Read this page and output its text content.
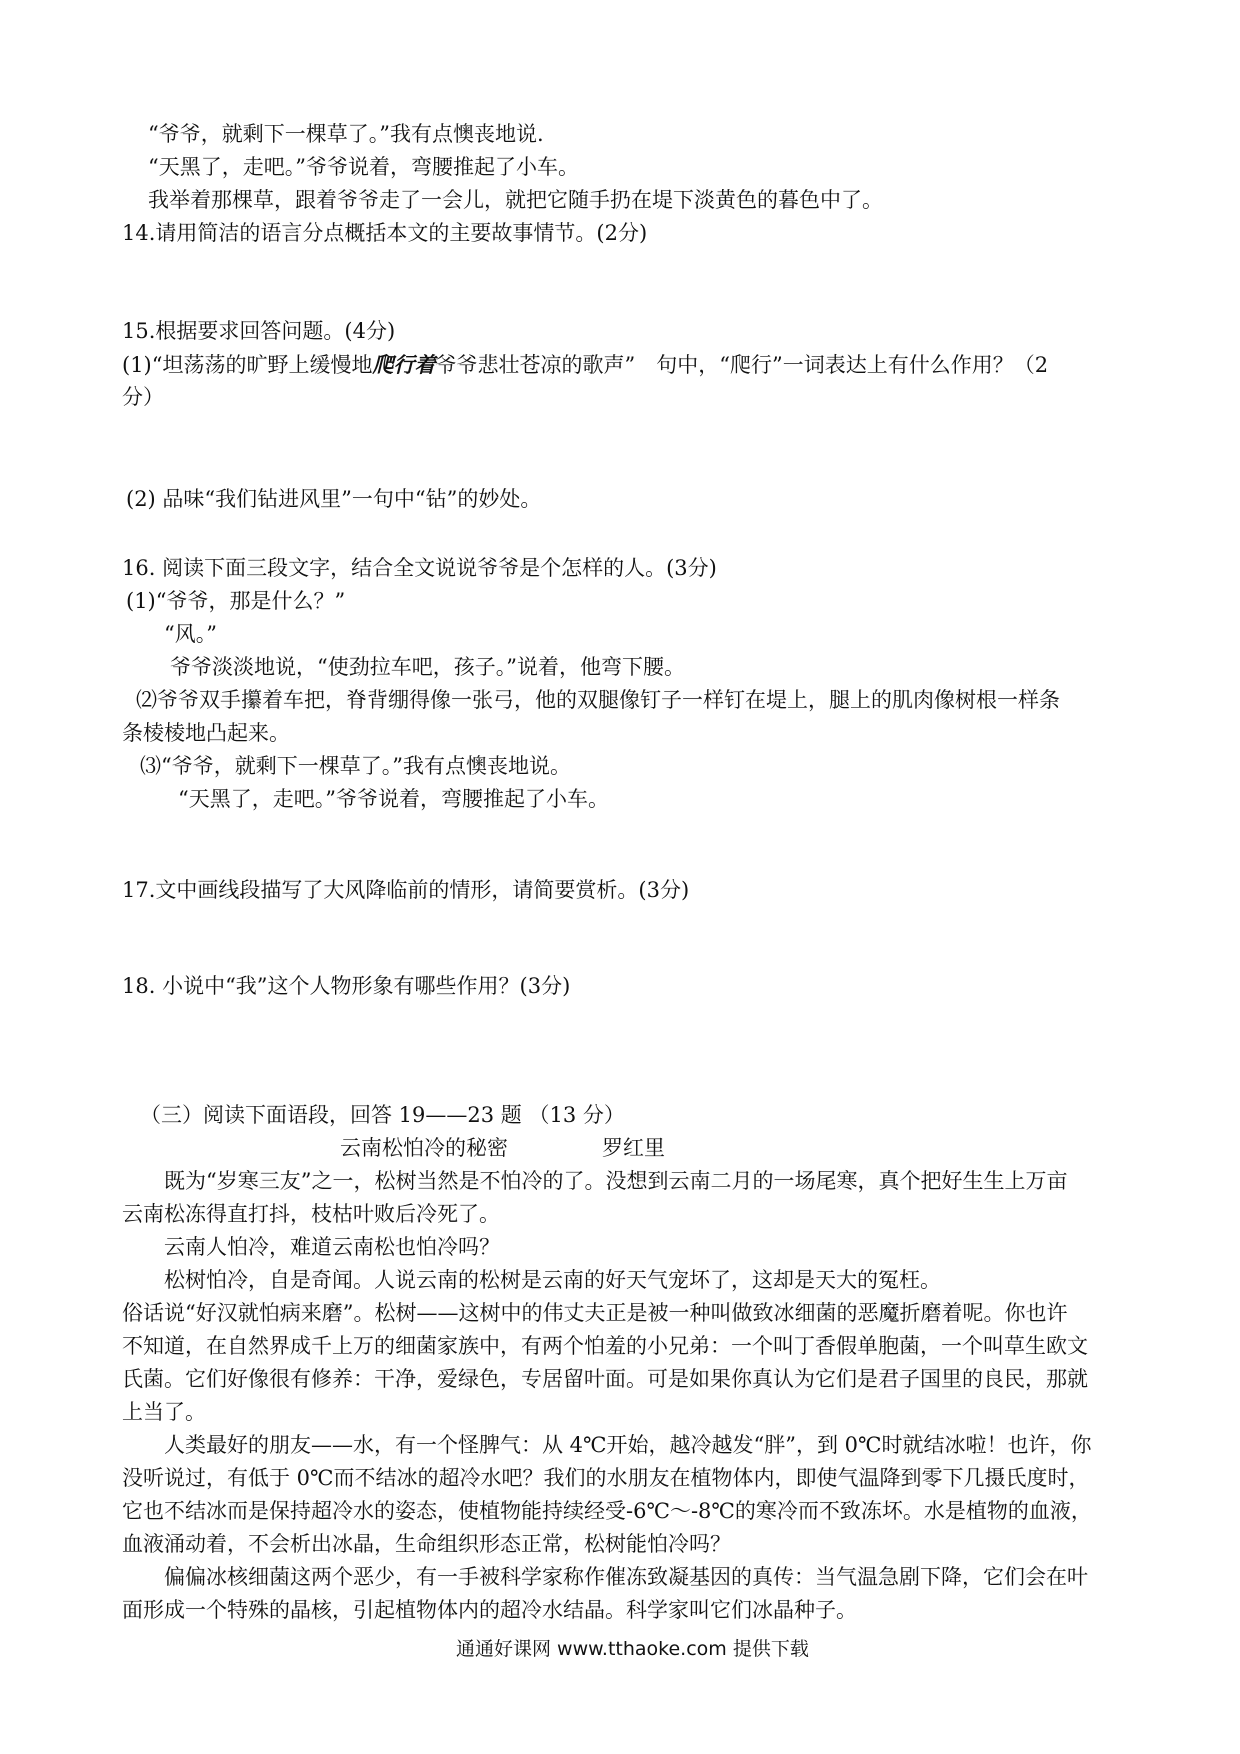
“爷爷，就剩下一棵草了。”我有点懊丧地说.
“天黑了，走吧。”爷爷说着，弯腰推起了小车。
我举着那棵草，跟着爷爷走了一会儿，就把它随手扔在堤下淡黄色的暮色中了。
14.请用简洁的语言分点概括本文的主要故事情节。(2分)
15.根据要求回答问题。(4分)
(1)“坦荡荡的旷野上缓慢地爬行着爷爷悲壮苍凉的歌声”　句中，“爬行”一词表达上有什么作用？（2
分）
(2) 品味“我们钻进风里”一句中“钻”的妙处。
16. 阅读下面三段文字，结合全文说说爷爷是个怎样的人。(3分)
(1)“爷爷，那是什么？”
“风。”
爷爷淡淡地说，“使劲拉车吧，孩子。”说着，他弯下腰。
⑵爷爷双手攥着车把，脊背绷得像一张弓，他的双腿像钉子一样钉在堤上，腿上的肌肉像树根一样条
条棱棱地凸起来。
⑶“爷爷，就剩下一棵草了。”我有点懊丧地说。
“天黑了，走吧。”爷爷说着，弯腰推起了小车。
17.文中画线段描写了大风降临前的情形，请简要赏析。(3分)
18. 小说中“我”这个人物形象有哪些作用？(3分)
（三）阅读下面语段，回答 19——23 题 （13 分）
云南松怕冷的秘密	罗红里
既为“岁寒三友”之一，松树当然是不怕冷的了。没想到云南二月的一场尾寒，真个把好生生上万亩
云南松冻得直打抖，枝枯叶败后冷死了。
云南人怕冷，难道云南松也怕冷吗？
松树怕冷，自是奇闻。人说云南的松树是云南的好天气宠坏了，这却是天大的冤枉。
俗话说“好汉就怕病来磨”。松树——这树中的伟丈夫正是被一种叫做致冰细菌的恶魔折磨着呢。你也许
不知道，在自然界成千上万的细菌家族中，有两个怕羞的小兄弟：一个叫丁香假单胞菌，一个叫草生欧文
氏菌。它们好像很有修养：干净，爱绿色，专居留叶面。可是如果你真认为它们是君子国里的良民，那就
上当了。
人类最好的朋友——水，有一个怪脾气：从 4℃开始，越冷越发“胖”，到 0℃时就结冰啦！也许，你
没听说过，有低于 0℃而不结冰的超冷水吧？我们的水朋友在植物体内，即使气温降到零下几摄氏度时，
它也不结冰而是保持超冷水的姿态，使植物能持续经受-6℃～-8℃的寒冷而不致冻坏。水是植物的血液，
血液涌动着，不会析出冰晶，生命组织形态正常，松树能怕冷吗？
偏偏冰核细菌这两个恶少，有一手被科学家称作催冻致凝基因的真传：当气温急剧下降，它们会在叶
面形成一个特殊的晶核，引起植物体内的超冷水结晶。科学家叫它们冰晶种子。
通通好课网 www.tthaoke.com 提供下载
